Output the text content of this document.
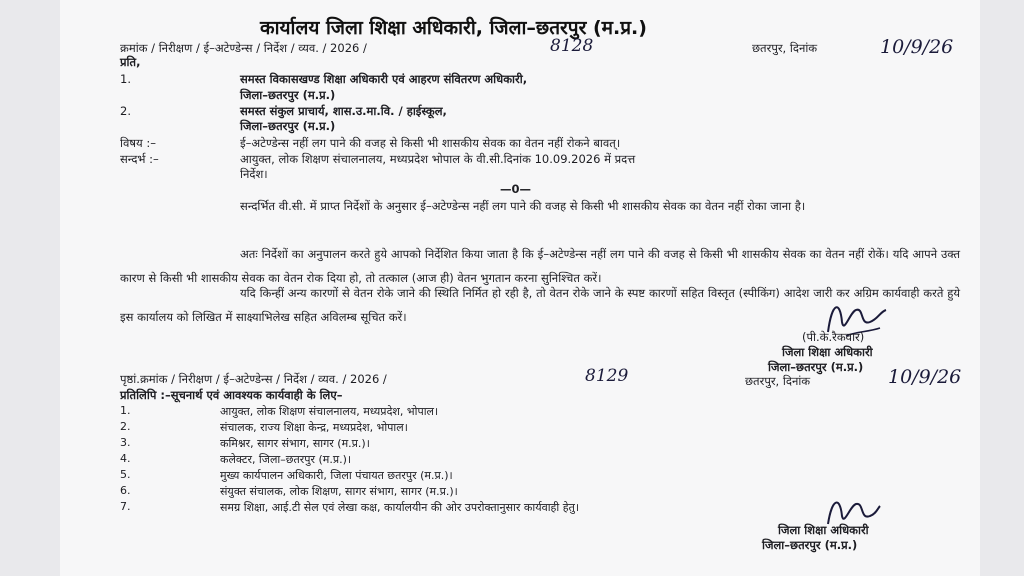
कार्यालय जिला शिक्षा अधिकारी, जिला–छतरपुर (म.प्र.)
क्रमांक / निरीक्षण / ई–अटेण्डेन्स / निर्देश / व्यव. / 2026 /	8128	छतरपुर, दिनांक	10/9/26
प्रति,
1.	समस्त विकासखण्ड शिक्षा अधिकारी एवं आहरण संवितरण अधिकारी,
जिला–छतरपुर (म.प्र.)
2.	समस्त संकुल प्राचार्य, शास.उ.मा.वि. / हाईस्कूल,
जिला–छतरपुर (म.प्र.)
विषय :–	ई–अटेण्डेन्स नहीं लग पाने की वजह से किसी भी शासकीय सेवक का वेतन नहीं रोकने बावत्।
सन्दर्भ :–	आयुक्त, लोक शिक्षण संचालनालय, मध्यप्रदेश भोपाल के वी.सी.दिनांक 10.09.2026 में प्रदत्त
निर्देश।
—0—
सन्दर्भित वी.सी. में प्राप्त निर्देशों के अनुसार ई–अटेण्डेन्स नहीं लग पाने की वजह से किसी भी शासकीय सेवक का वेतन नहीं रोका जाना है।
अतः निर्देशों का अनुपालन करते हुये आपको निर्देशित किया जाता है कि ई–अटेण्डेन्स नहीं लग पाने की वजह से किसी भी शासकीय सेवक का वेतन नहीं रोकें। यदि आपने उक्त कारण से किसी भी शासकीय सेवक का वेतन रोक दिया हो, तो तत्काल (आज ही) वेतन भुगतान करना सुनिश्चित करें।
यदि किन्हीं अन्य कारणों से वेतन रोके जाने की स्थिति निर्मित हो रही है, तो वेतन रोके जाने के स्पष्ट कारणों सहित विस्तृत (स्पीकिंग) आदेश जारी कर अग्रिम कार्यवाही करते हुये इस कार्यालय को लिखित में साक्ष्याभिलेख सहित अविलम्ब सूचित करें।
(पी.के.रैकवार)
जिला शिक्षा अधिकारी
जिला–छतरपुर (म.प्र.)
पृष्ठां.क्रमांक / निरीक्षण / ई–अटेण्डेन्स / निर्देश / व्यव. / 2026 /	8129	छतरपुर, दिनांक	10/9/26
प्रतिलिपि :–सूचनार्थ एवं आवश्यक कार्यवाही के लिए–
1.	आयुक्त, लोक शिक्षण संचालनालय, मध्यप्रदेश, भोपाल।
2.	संचालक, राज्य शिक्षा केन्द्र, मध्यप्रदेश, भोपाल।
3.	कमिश्नर, सागर संभाग, सागर (म.प्र.)।
4.	कलेक्टर, जिला–छतरपुर (म.प्र.)।
5.	मुख्य कार्यपालन अधिकारी, जिला पंचायत छतरपुर (म.प्र.)।
6.	संयुक्त संचालक, लोक शिक्षण, सागर संभाग, सागर (म.प्र.)।
7.	समग्र शिक्षा, आई.टी सेल एवं लेखा कक्ष, कार्यालयीन की ओर उपरोक्तानुसार कार्यवाही हेतु।
जिला शिक्षा अधिकारी
जिला–छतरपुर (म.प्र.)
